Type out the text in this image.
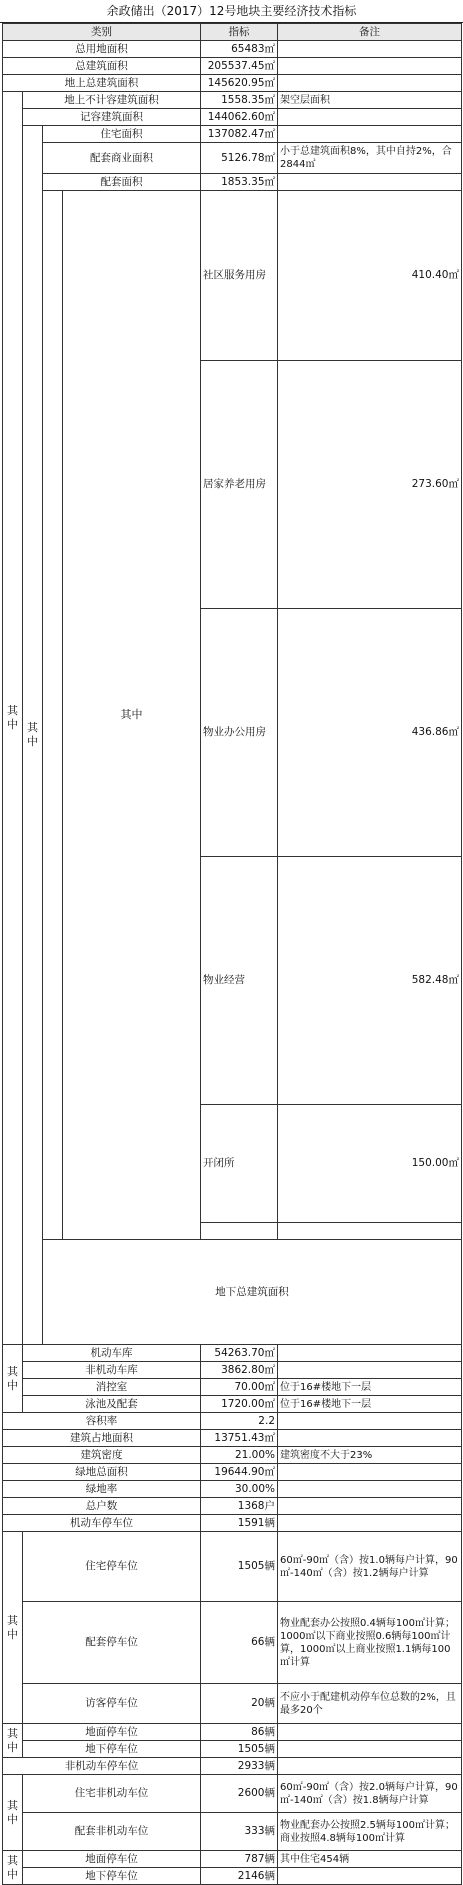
余政储出（2017）12号地块主要经济技术指标
类别				指标	备注	
总用地面积				65483㎡		
总建筑面积				205537.45㎡		
地上总建筑面积				145620.95㎡		
其中	地上不计容建筑面积			1558.35㎡	架空层面积	
	记容建筑面积			144062.60㎡		
	其中	住宅面积		137082.47㎡		
		配套商业面积		5126.78㎡	小于总建筑面积8%，其中自持2%，合2844㎡	
		配套面积		1853.35㎡		
			其中	社区服务用房	410.40㎡	
				居家养老用房	273.60㎡	
				物业办公用房	436.86㎡	
				物业经营	582.48㎡	
				开闭所	150.00㎡	

		地下总建筑面积		
其中	机动车库			54263.70㎡		
	非机动车库			3862.80㎡		
	消控室			70.00㎡	位于16#楼地下一层	
	泳池及配套			1720.00㎡	位于16#楼地下一层	
容积率				2.2		
建筑占地面积				13751.43㎡		
建筑密度				21.00%	建筑密度不大于23%	
绿地总面积				19644.90㎡		
绿地率				30.00%		
总户数				1368户		
机动车停车位				1591辆		
其中	住宅停车位			1505辆	60㎡-90㎡（含）按1.0辆每户计算，90㎡-140㎡（含）按1.2辆每户计算	
	配套停车位			66辆	物业配套办公按照0.4辆每100㎡计算；1000㎡以下商业按照0.6辆每100㎡计算，1000㎡以上商业按照1.1辆每100㎡计算	
	访客停车位			20辆	不应小于配建机动停车位总数的2%，且最多20个	
其中	地面停车位			86辆		
	地下停车位			1505辆		
非机动车停车位				2933辆		
其中	住宅非机动车位			2600辆	60㎡-90㎡（含）按2.0辆每户计算，90㎡-140㎡（含）按1.8辆每户计算	
	配套非机动车位			333辆	物业配套办公按照2.5辆每100㎡计算；商业按照4.8辆每100㎡计算	
其中	地面停车位			787辆	其中住宅454辆	
	地下停车位			2146辆		
